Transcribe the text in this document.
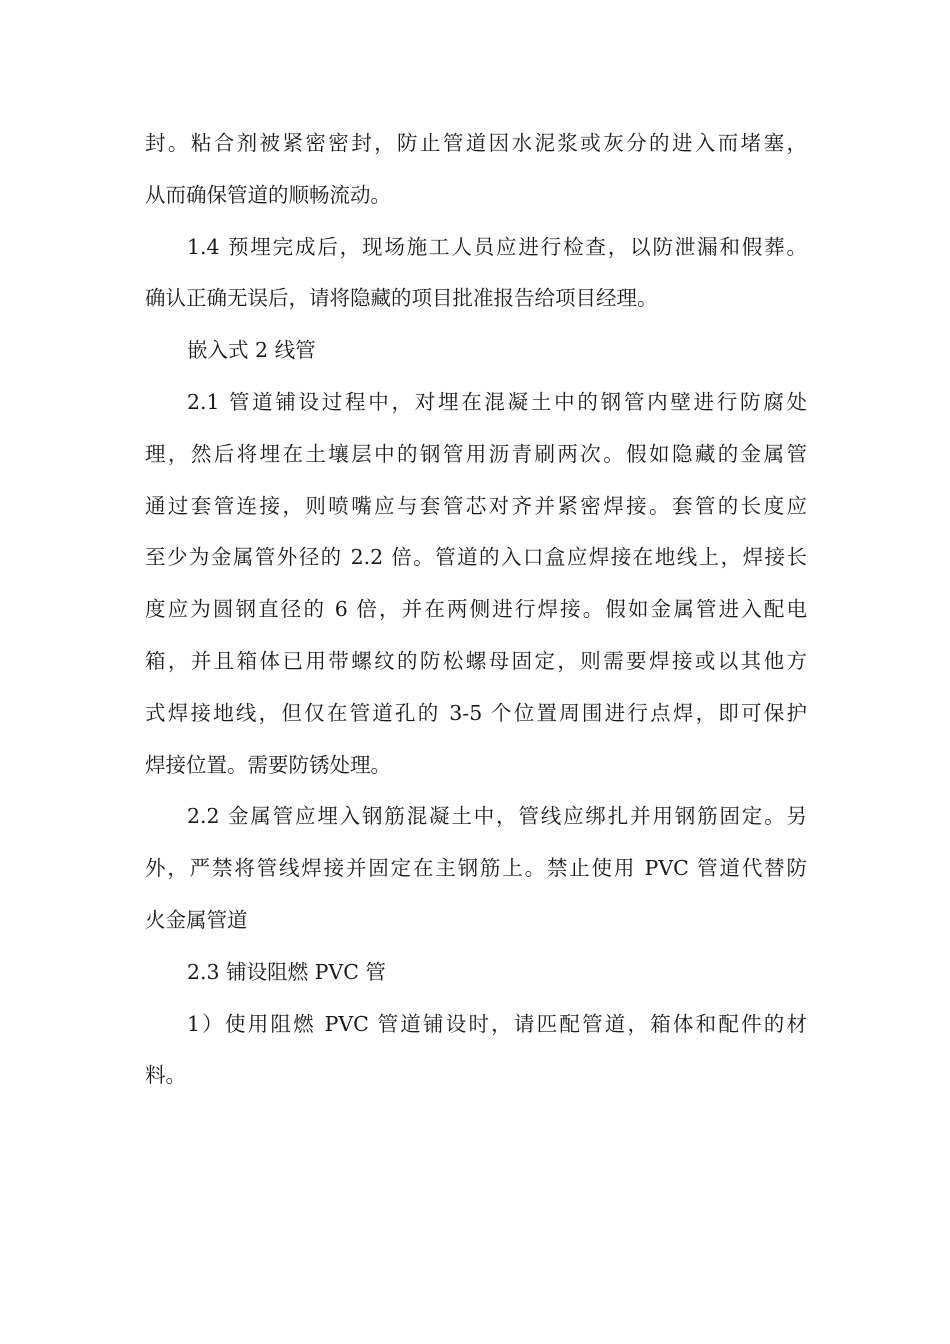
封。粘合剂被紧密密封，防止管道因水泥浆或灰分的进入而堵塞，
从而确保管道的顺畅流动。
1.4 预埋完成后，现场施工人员应进行检查，以防泄漏和假葬。
确认正确无误后，请将隐藏的项目批准报告给项目经理。
嵌入式 2 线管
2.1 管道铺设过程中，对埋在混凝土中的钢管内壁进行防腐处
理，然后将埋在土壤层中的钢管用沥青刷两次。假如隐藏的金属管
通过套管连接，则喷嘴应与套管芯对齐并紧密焊接。套管的长度应
至少为金属管外径的 2.2 倍。管道的入口盒应焊接在地线上，焊接长
度应为圆钢直径的 6 倍，并在两侧进行焊接。假如金属管进入配电
箱，并且箱体已用带螺纹的防松螺母固定，则需要焊接或以其他方
式焊接地线，但仅在管道孔的 3-5 个位置周围进行点焊，即可保护
焊接位置。需要防锈处理。
2.2 金属管应埋入钢筋混凝土中，管线应绑扎并用钢筋固定。另
外，严禁将管线焊接并固定在主钢筋上。禁止使用 PVC 管道代替防
火金属管道
2.3 铺设阻燃 PVC 管
1）使用阻燃 PVC 管道铺设时，请匹配管道，箱体和配件的材
料。
